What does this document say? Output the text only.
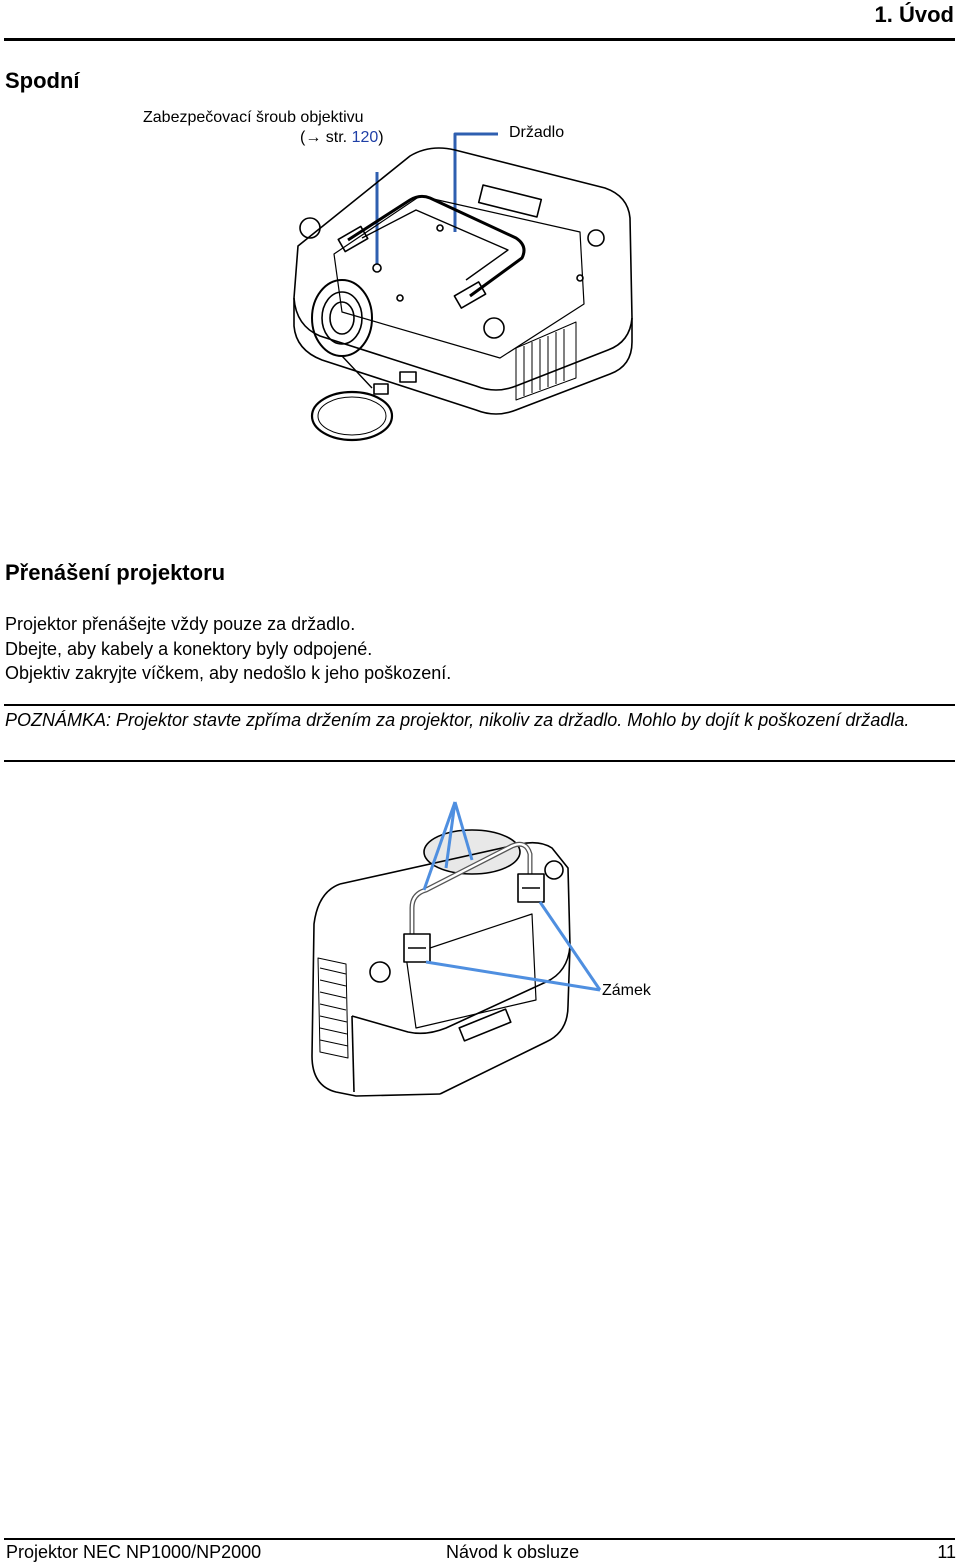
1. Úvod
Spodní
Zabezpečovací šroub objektivu
(→ str. 120)	Držadlo
Přenášení projektoru
Projektor přenášejte vždy pouze za držadlo.
Dbejte, aby kabely a konektory byly odpojené.
Objektiv zakryjte víčkem, aby nedošlo k jeho poškození.
POZNÁMKA: Projektor stavte zpříma držením za projektor, nikoliv za držadlo. Mohlo by dojít k poškození držadla.
Zámek
Projektor NEC NP1000/NP2000	Návod k obsluze	11
